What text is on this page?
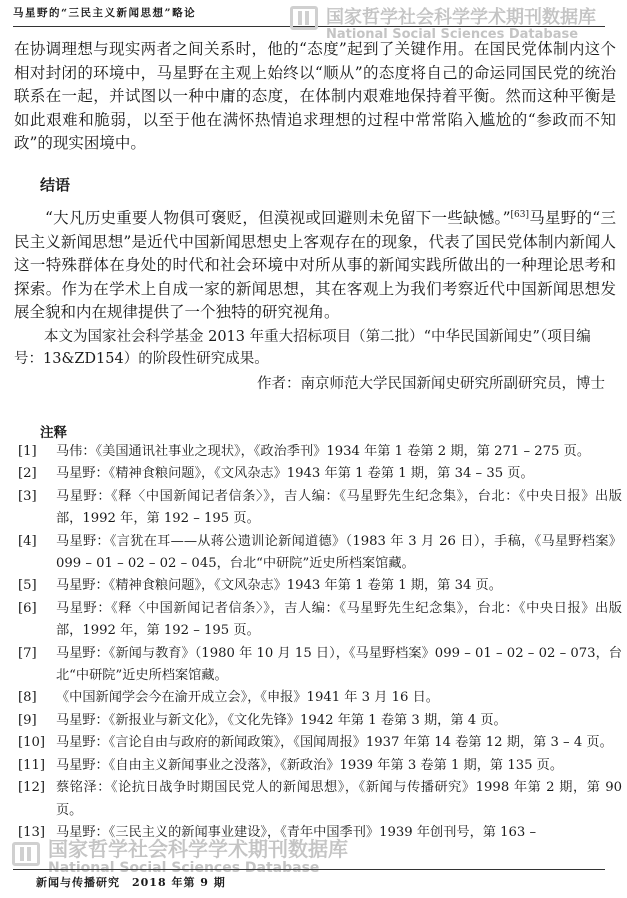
马星野的“三民主义新闻思想”略论	国家哲学社会科学学术期刊数据库
National Social Sciences Database

在协调理想与现实两者之间关系时，他的“态度”起到了关键作用。在国民党体制内这个相对封闭的环境中，马星野在主观上始终以“顺从”的态度将自己的命运同国民党的统治联系在一起，并试图以一种中庸的态度，在体制内艰难地保持着平衡。然而这种平衡是如此艰难和脆弱，以至于他在满怀热情追求理想的过程中常常陷入尴尬的“参政而不知政”的现实困境中。

结语

“大凡历史重要人物俱可褒贬，但漠视或回避则未免留下一些缺憾。”[63]马星野的“三民主义新闻思想”是近代中国新闻思想史上客观存在的现象，代表了国民党体制内新闻人这一特殊群体在身处的时代和社会环境中对所从事的新闻实践所做出的一种理论思考和探索。作为在学术上自成一家的新闻思想，其在客观上为我们考察近代中国新闻思想发展全貌和内在规律提供了一个独特的研究视角。

本文为国家社会科学基金 2013 年重大招标项目（第二批）“中华民国新闻史”（项目编号：13&ZD154）的阶段性研究成果。
作者：南京师范大学民国新闻史研究所副研究员，博士
注释
[1]	马伟：《美国通讯社事业之现状》，《政治季刊》1934 年第 1 卷第 2 期，第 271 – 275 页。
[2]	马星野：《精神食粮问题》，《文风杂志》1943 年第 1 卷第 1 期，第 34 – 35 页。
[3]	马星野：《释〈中国新闻记者信条〉》，吉人编：《马星野先生纪念集》，台北：《中央日报》出版部，1992 年，第 192 – 195 页。
[4]	马星野：《言犹在耳——从蒋公遗训论新闻道德》（1983 年 3 月 26 日），手稿，《马星野档案》099 – 01 – 02 – 02 – 045，台北“中研院”近史所档案馆藏。
[5]	马星野：《精神食粮问题》，《文风杂志》1943 年第 1 卷第 1 期，第 34 页。
[6]	马星野：《释〈中国新闻记者信条〉》，吉人编：《马星野先生纪念集》，台北：《中央日报》出版部，1992 年，第 192 – 195 页。
[7]	马星野：《新闻与教育》（1980 年 10 月 15 日），《马星野档案》099 – 01 – 02 – 02 – 073，台北“中研院”近史所档案馆藏。
[8]	《中国新闻学会今在渝开成立会》，《申报》1941 年 3 月 16 日。
[9]	马星野：《新报业与新文化》，《文化先锋》1942 年第 1 卷第 3 期，第 4 页。
[10] 马星野：《言论自由与政府的新闻政策》，《国闻周报》1937 年第 14 卷第 12 期，第 3 – 4 页。
[11] 马星野：《自由主义新闻事业之没落》，《新政治》1939 年第 3 卷第 1 期，第 135 页。
[12] 蔡铭泽：《论抗日战争时期国民党人的新闻思想》，《新闻与传播研究》1998 年第 2 期，第 90 页。
[13] 马星野：《三民主义的新闻事业建设》，《青年中国季刊》1939 年创刊号，第 163 –
国家哲学社会科学学术期刊数据库
National Social Sciences Database
新闻与传播研究　2018 年第 9 期
